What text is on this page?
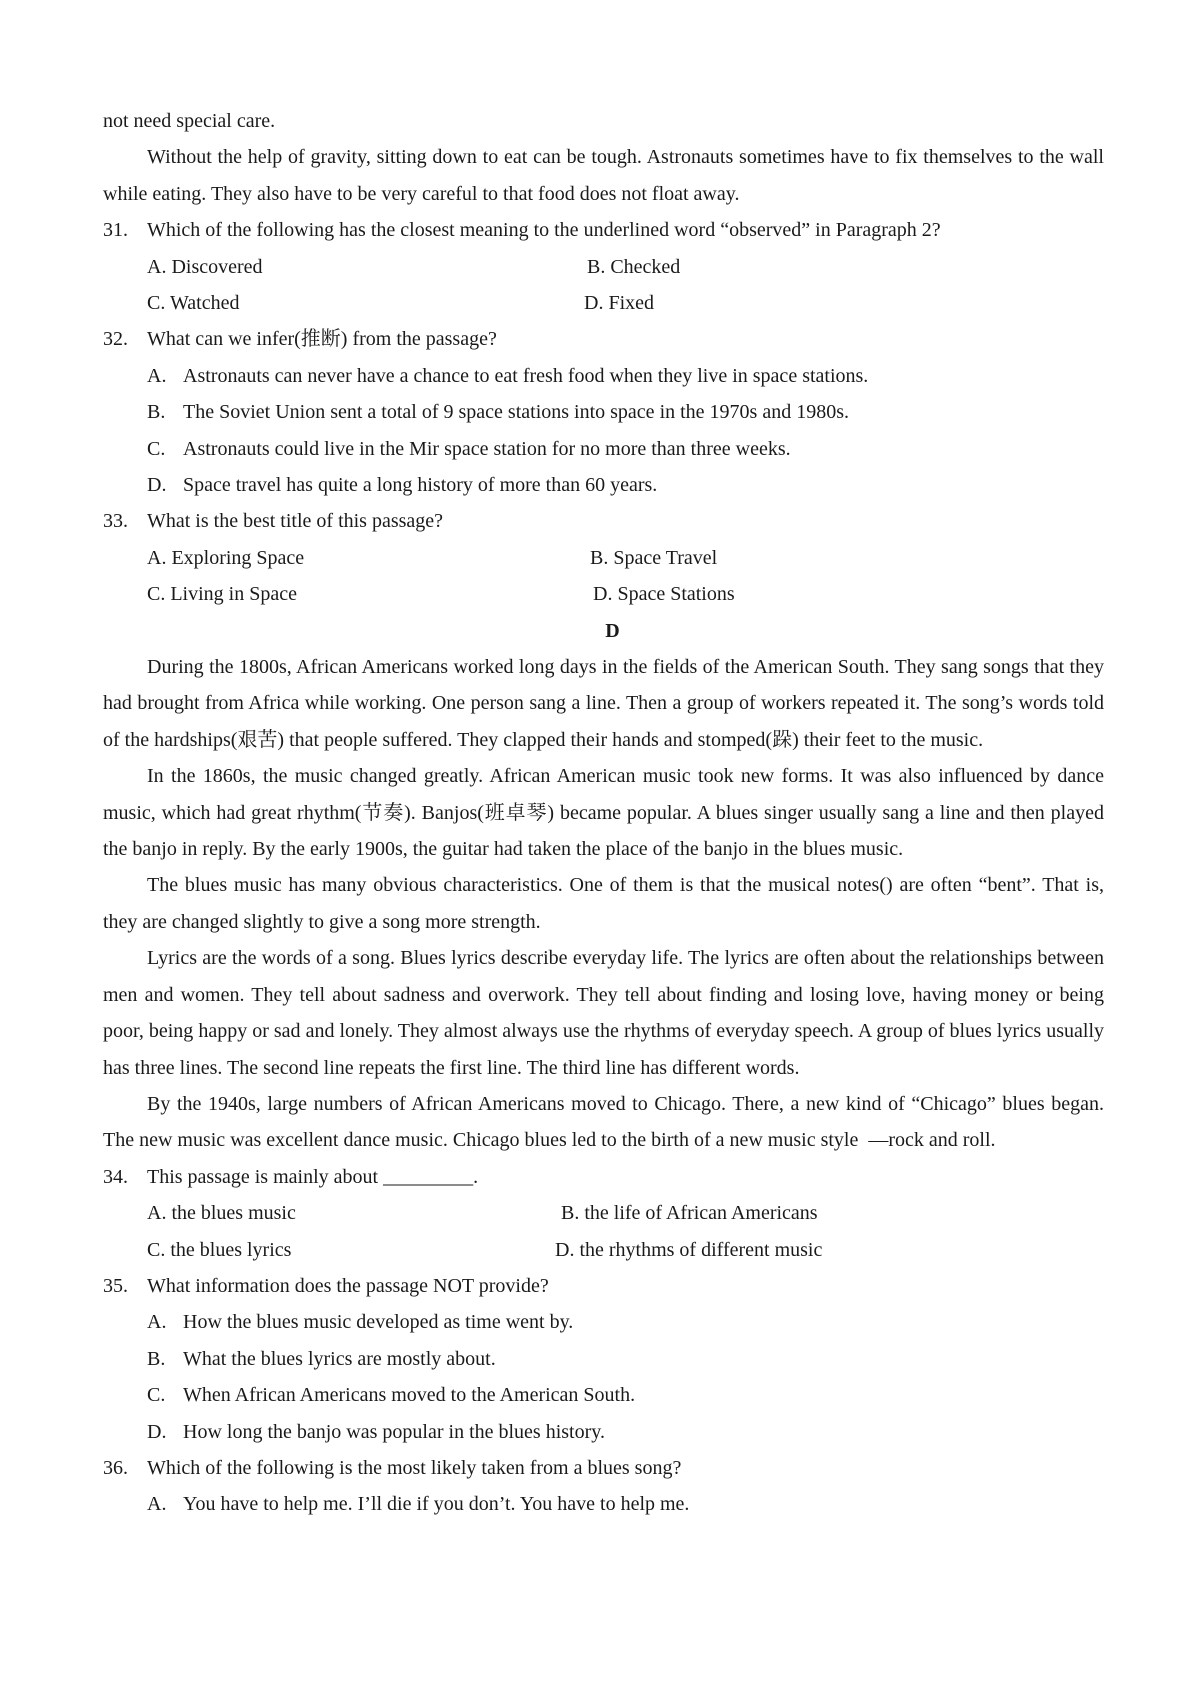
not need special care.

Without the help of gravity, sitting down to eat can be tough. Astronauts sometimes have to fix themselves to the wall while eating. They also have to be very careful to that food does not float away.

31. Which of the following has the closest meaning to the underlined word “observed” in Paragraph 2?
A. Discovered	B. Checked
C. Watched	D. Fixed
32. What can we infer(推断) from the passage?
A. Astronauts can never have a chance to eat fresh food when they live in space stations.
B. The Soviet Union sent a total of 9 space stations into space in the 1970s and 1980s.
C. Astronauts could live in the Mir space station for no more than three weeks.
D. Space travel has quite a long history of more than 60 years.
33. What is the best title of this passage?
A. Exploring Space	B. Space Travel
C. Living in Space	D. Space Stations

D

During the 1800s, African Americans worked long days in the fields of the American South. They sang songs that they had brought from Africa while working. One person sang a line. Then a group of workers repeated it. The song’s words told of the hardships(艰苦) that people suffered. They clapped their hands and stomped(跺) their feet to the music.

In the 1860s, the music changed greatly. African American music took new forms. It was also influenced by dance music, which had great rhythm(节奏). Banjos(班卓琴) became popular. A blues singer usually sang a line and then played the banjo in reply. By the early 1900s, the guitar had taken the place of the banjo in the blues music.

The blues music has many obvious characteristics. One of them is that the musical notes() are often “bent”. That is, they are changed slightly to give a song more strength.

Lyrics are the words of a song. Blues lyrics describe everyday life. The lyrics are often about the relationships between men and women. They tell about sadness and overwork. They tell about finding and losing love, having money or being poor, being happy or sad and lonely. They almost always use the rhythms of everyday speech. A group of blues lyrics usually has three lines. The second line repeats the first line. The third line has different words.

By the 1940s, large numbers of African Americans moved to Chicago. There, a new kind of “Chicago” blues began. The new music was excellent dance music. Chicago blues led to the birth of a new music style  —rock and roll.

34. This passage is mainly about _________.
A. the blues music	B. the life of African Americans
C. the blues lyrics	D. the rhythms of different music
35. What information does the passage NOT provide?
A. How the blues music developed as time went by.
B. What the blues lyrics are mostly about.
C. When African Americans moved to the American South.
D. How long the banjo was popular in the blues history.
36. Which of the following is the most likely taken from a blues song?
A. You have to help me. I’ll die if you don’t. You have to help me.
